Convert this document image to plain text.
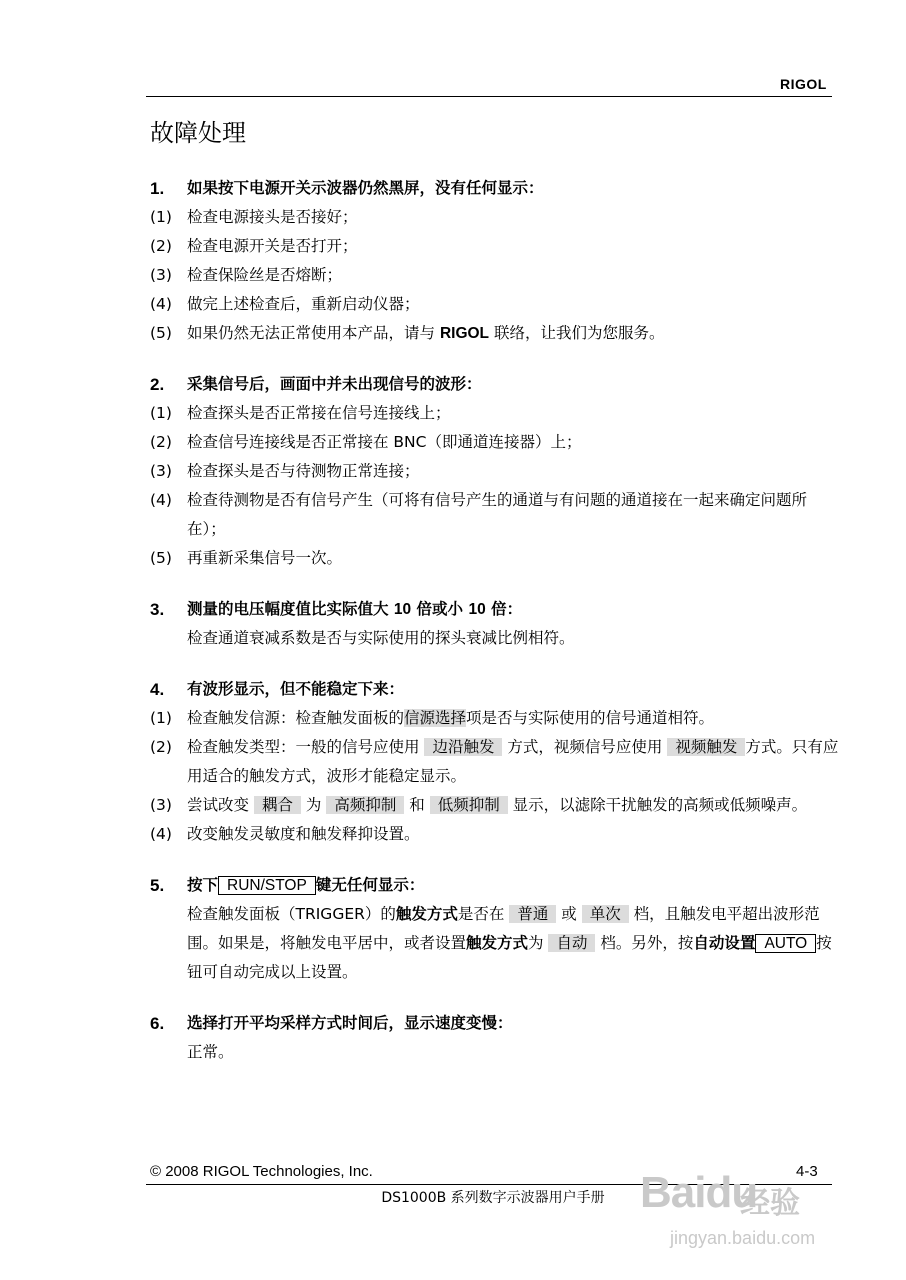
RIGOL
故障处理
1. 如果按下电源开关示波器仍然黑屏，没有任何显示：
(1) 检查电源接头是否接好；
(2) 检查电源开关是否打开；
(3) 检查保险丝是否熔断；
(4) 做完上述检查后，重新启动仪器；
(5) 如果仍然无法正常使用本产品，请与 RIGOL 联络，让我们为您服务。
2. 采集信号后，画面中并未出现信号的波形：
(1) 检查探头是否正常接在信号连接线上；
(2) 检查信号连接线是否正常接在 BNC（即通道连接器）上；
(3) 检查探头是否与待测物正常连接；
(4) 检查待测物是否有信号产生（可将有信号产生的通道与有问题的通道接在一起来确定问题所在）；
(5) 再重新采集信号一次。
3. 测量的电压幅度值比实际值大 10 倍或小 10 倍：
检查通道衰减系数是否与实际使用的探头衰减比例相符。
4. 有波形显示，但不能稳定下来：
(1) 检查触发信源：检查触发面板的信源选择项是否与实际使用的信号通道相符。
(2) 检查触发类型：一般的信号应使用 边沿触发 方式，视频信号应使用 视频触发 方式。只有应用适合的触发方式，波形才能稳定显示。
(3) 尝试改变 耦合 为 高频抑制 和 低频抑制 显示，以滤除干扰触发的高频或低频噪声。
(4) 改变触发灵敏度和触发释抑设置。
5. 按下 RUN/STOP 键无任何显示：
检查触发面板（TRIGGER）的触发方式是否在 普通 或 单次 档，且触发电平超出波形范围。如果是，将触发电平居中，或者设置触发方式为 自动 档。另外，按自动设置 AUTO 按钮可自动完成以上设置。
6. 选择打开平均采样方式时间后，显示速度变慢：
正常。
© 2008 RIGOL Technologies, Inc.	4-3
DS1000B 系列数字示波器用户手册 Baidu
经验
jingyan.baidu.com
